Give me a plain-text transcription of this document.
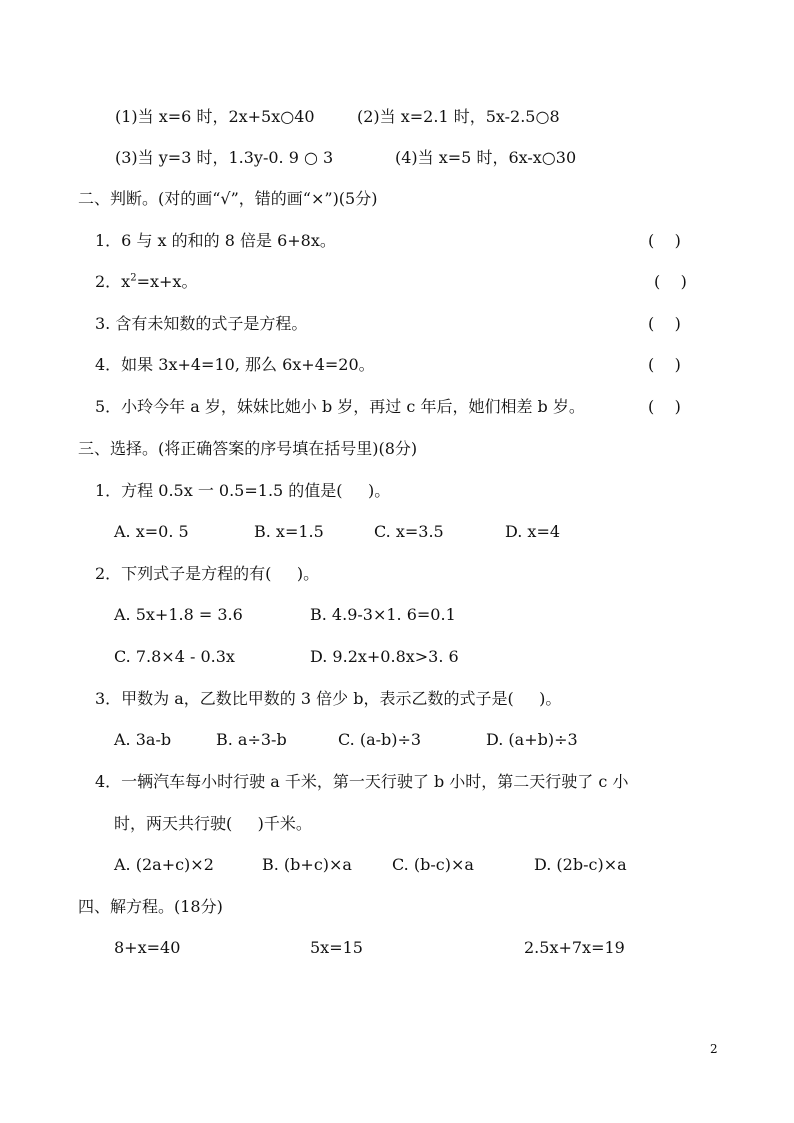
(1)当 x=6 时，2x+5x○40	(2)当 x=2.1 时，5x-2.5○8
(3)当 y=3 时，1.3y-0. 9 ○ 3	(4)当 x=5 时，6x-x○30
二、判断。(对的画“√”，错的画“×”)(5分)
1．6 与 x 的和的 8 倍是 6+8x。	(    )
2．$x^2=x+x$。	(    )
3. 含有未知数的式子是方程。	(    )
4．如果 3x+4=10, 那么 6x+4=20。	(    )
5．小玲今年 a 岁，妹妹比她小 b 岁，再过 c 年后，她们相差 b 岁。	(    )
三、选择。(将正确答案的序号填在括号里)(8分)
1．方程 0.5x 一 0.5=1.5 的值是(     )。
A. x=0. 5	B. x=1.5	C. x=3.5	D. x=4
2．下列式子是方程的有(     )。
A. 5x+1.8 = 3.6	B. 4.9-3×1. 6=0.1
C. 7.8×4 - 0.3x	D. 9.2x+0.8x>3. 6
3．甲数为 a，乙数比甲数的 3 倍少 b，表示乙数的式子是(     )。
A. 3a-b	B. a÷3-b	C. (a-b)÷3	D. (a+b)÷3
4．一辆汽车每小时行驶 a 千米，第一天行驶了 b 小时，第二天行驶了 c 小
时，两天共行驶(     )千米。
A. (2a+c)×2	B. (b+c)×a	C. (b-c)×a	D. (2b-c)×a
四、解方程。(18分)
8+x=40	5x=15	2.5x+7x=19
2
